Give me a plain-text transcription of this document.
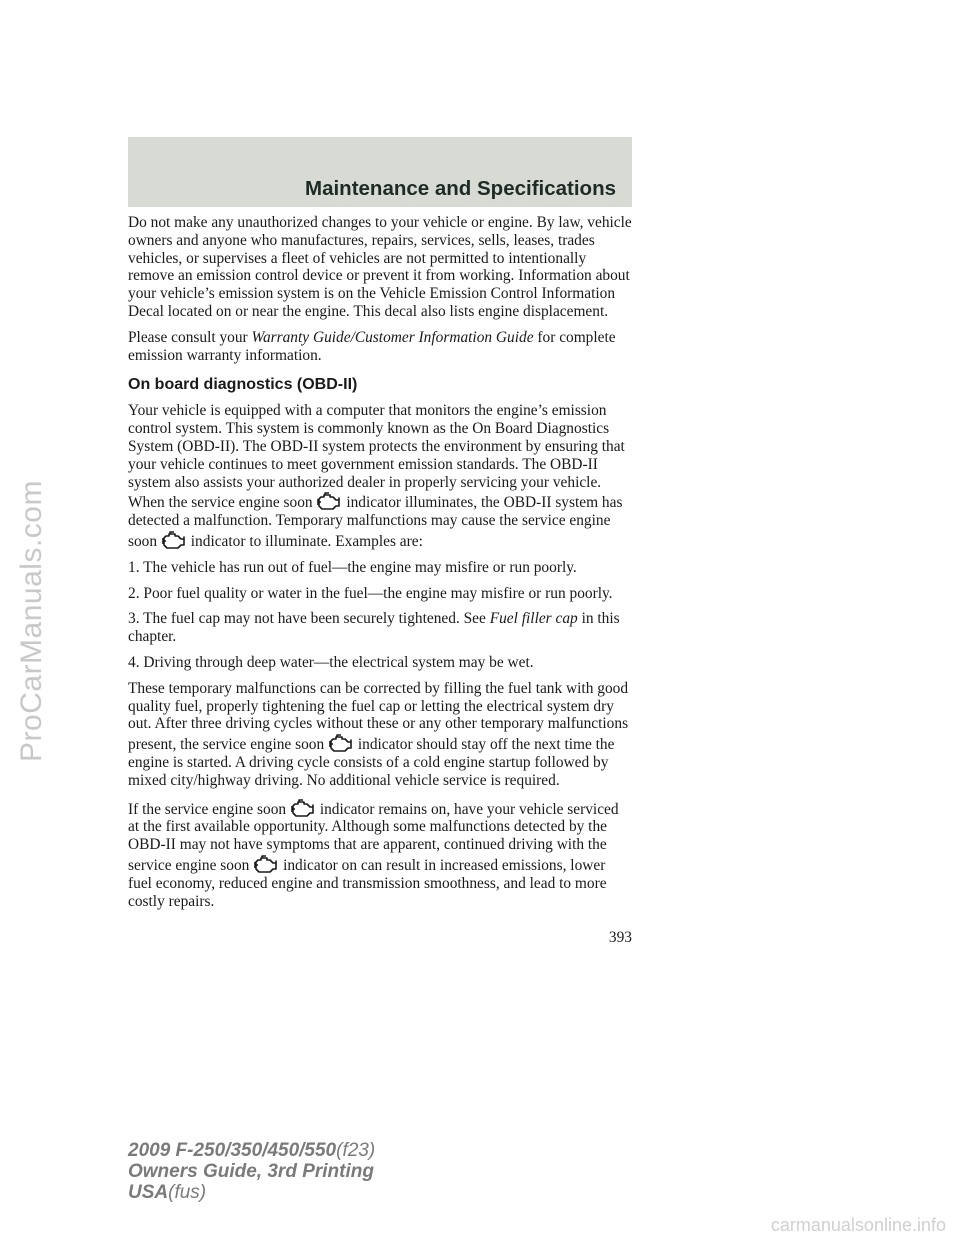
Maintenance and Specifications

Do not make any unauthorized changes to your vehicle or engine. By law, vehicle owners and anyone who manufactures, repairs, services, sells, leases, trades vehicles, or supervises a fleet of vehicles are not permitted to intentionally remove an emission control device or prevent it from working. Information about your vehicle’s emission system is on the Vehicle Emission Control Information Decal located on or near the engine. This decal also lists engine displacement.

Please consult your Warranty Guide/Customer Information Guide for complete emission warranty information.

On board diagnostics (OBD-II)

Your vehicle is equipped with a computer that monitors the engine’s emission control system. This system is commonly known as the On Board Diagnostics System (OBD-II). The OBD-II system protects the environment by ensuring that your vehicle continues to meet government emission standards. The OBD-II system also assists your authorized dealer in properly servicing your vehicle. When the service engine soon  indicator illuminates, the OBD-II system has detected a malfunction. Temporary malfunctions may cause the service engine soon  indicator to illuminate. Examples are:

1. The vehicle has run out of fuel—the engine may misfire or run poorly.

2. Poor fuel quality or water in the fuel—the engine may misfire or run poorly.

3. The fuel cap may not have been securely tightened. See Fuel filler cap in this chapter.

4. Driving through deep water—the electrical system may be wet.

These temporary malfunctions can be corrected by filling the fuel tank with good quality fuel, properly tightening the fuel cap or letting the electrical system dry out. After three driving cycles without these or any other temporary malfunctions present, the service engine soon  indicator should stay off the next time the engine is started. A driving cycle consists of a cold engine startup followed by mixed city/highway driving. No additional vehicle service is required.

If the service engine soon  indicator remains on, have your vehicle serviced at the first available opportunity. Although some malfunctions detected by the OBD-II may not have symptoms that are apparent, continued driving with the service engine soon  indicator on can result in increased emissions, lower fuel economy, reduced engine and transmission smoothness, and lead to more costly repairs.

393
2009 F-250/350/450/550(f23)
Owners Guide, 3rd Printing
USA(fus)
ProCarManuals.com
carmanualsonline.info
